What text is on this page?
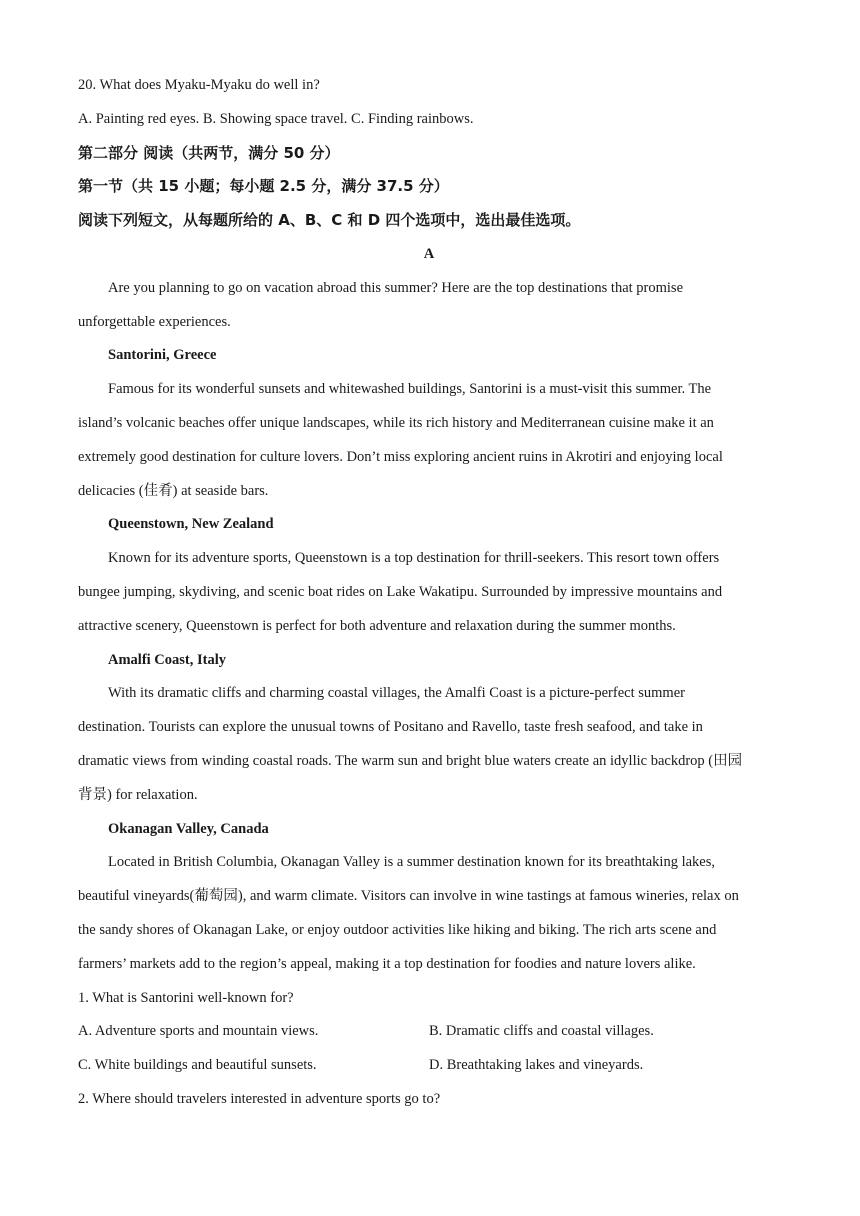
20. What does Myaku-Myaku do well in?
A. Painting red eyes. B. Showing space travel. C. Finding rainbows.
第二部分 阅读（共两节，满分 50 分）
第一节（共 15 小题；每小题 2.5 分，满分 37.5 分）
阅读下列短文，从每题所给的 A、B、C 和 D 四个选项中，选出最佳选项。
A
Are you planning to go on vacation abroad this summer? Here are the top destinations that promise
unforgettable experiences.
Santorini, Greece
Famous for its wonderful sunsets and whitewashed buildings, Santorini is a must-visit this summer. The
island’s volcanic beaches offer unique landscapes, while its rich history and Mediterranean cuisine make it an
extremely good destination for culture lovers. Don’t miss exploring ancient ruins in Akrotiri and enjoying local
delicacies (佳肴) at seaside bars.
Queenstown, New Zealand
Known for its adventure sports, Queenstown is a top destination for thrill-seekers. This resort town offers
bungee jumping, skydiving, and scenic boat rides on Lake Wakatipu. Surrounded by impressive mountains and
attractive scenery, Queenstown is perfect for both adventure and relaxation during the summer months.
Amalfi Coast, Italy
With its dramatic cliffs and charming coastal villages, the Amalfi Coast is a picture-perfect summer
destination. Tourists can explore the unusual towns of Positano and Ravello, taste fresh seafood, and take in
dramatic views from winding coastal roads. The warm sun and bright blue waters create an idyllic backdrop (田园
背景) for relaxation.
Okanagan Valley, Canada
Located in British Columbia, Okanagan Valley is a summer destination known for its breathtaking lakes,
beautiful vineyards(葡萄园), and warm climate. Visitors can involve in wine tastings at famous wineries, relax on
the sandy shores of Okanagan Lake, or enjoy outdoor activities like hiking and biking. The rich arts scene and
farmers’ markets add to the region’s appeal, making it a top destination for foodies and nature lovers alike.
1. What is Santorini well-known for?
A. Adventure sports and mountain views.	B. Dramatic cliffs and coastal villages.
C. White buildings and beautiful sunsets.	D. Breathtaking lakes and vineyards.
2. Where should travelers interested in adventure sports go to?
